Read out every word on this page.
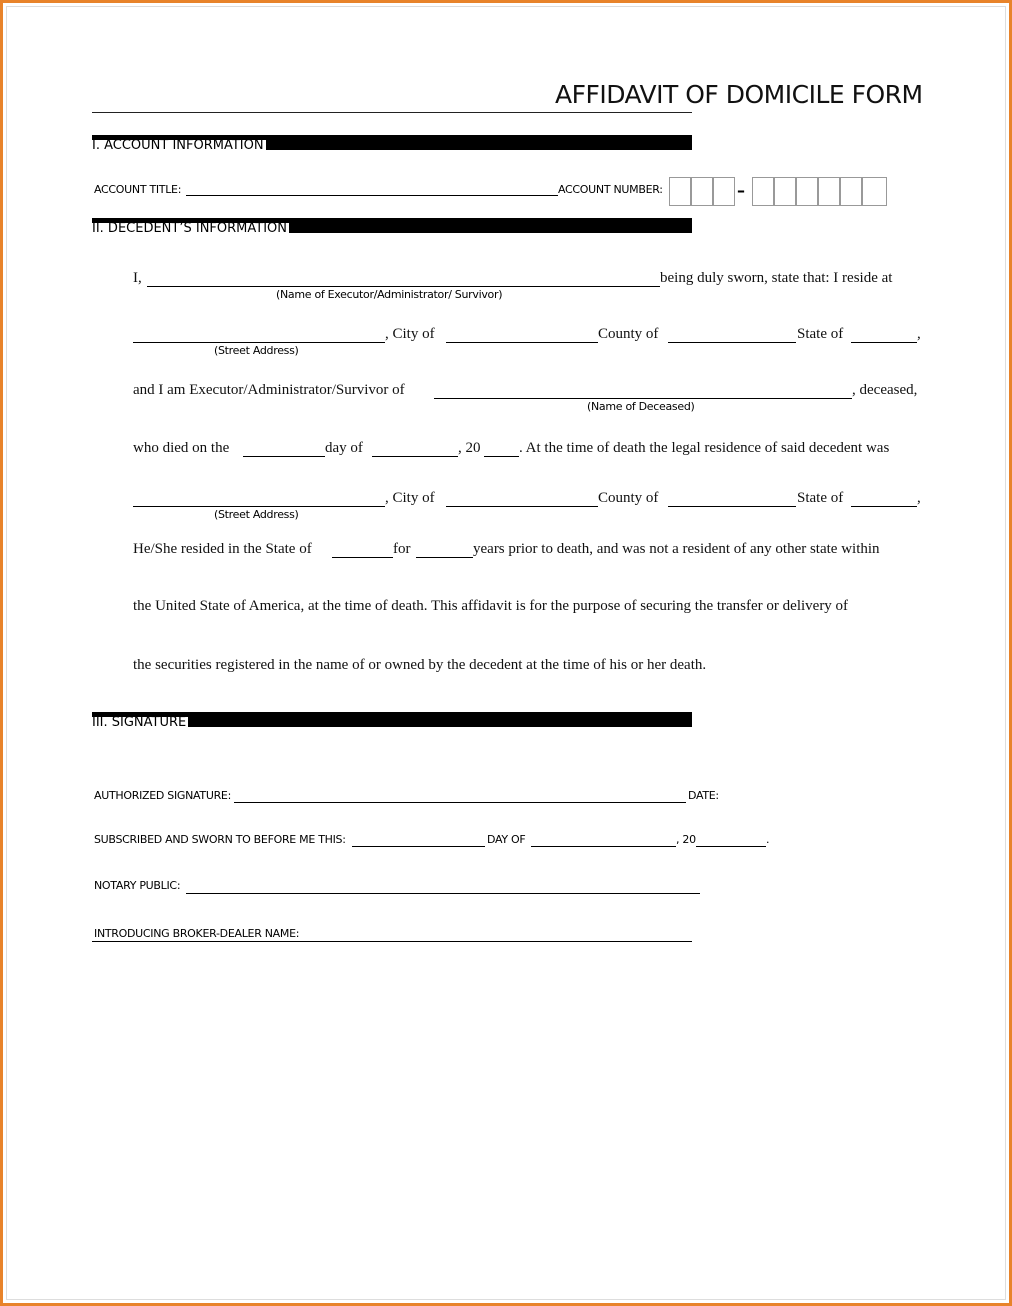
AFFIDAVIT OF DOMICILE FORM
I. ACCOUNT INFORMATION
ACCOUNT TITLE:	ACCOUNT NUMBER:	–
II. DECEDENT’S INFORMATION
I,	being duly sworn, state that: I reside at
(Name of Executor/Administrator/ Survivor)
, City of	County of	State of	,
(Street Address)
and I am Executor/Administrator/Survivor of	, deceased,
(Name of Deceased)
who died on the	day of	, 20	. At the time of death the legal residence of said decedent was
, City of	County of	State of	,
(Street Address)
He/She resided in the State of	for	years prior to death, and was not a resident of any other state within
the United State of America, at the time of death. This affidavit is for the purpose of securing the transfer or delivery of
the securities registered in the name of or owned by the decedent at the time of his or her death.
III. SIGNATURE
AUTHORIZED SIGNATURE:	DATE:
SUBSCRIBED AND SWORN TO BEFORE ME THIS:	DAY OF	, 20	.
NOTARY PUBLIC:
INTRODUCING BROKER-DEALER NAME:
